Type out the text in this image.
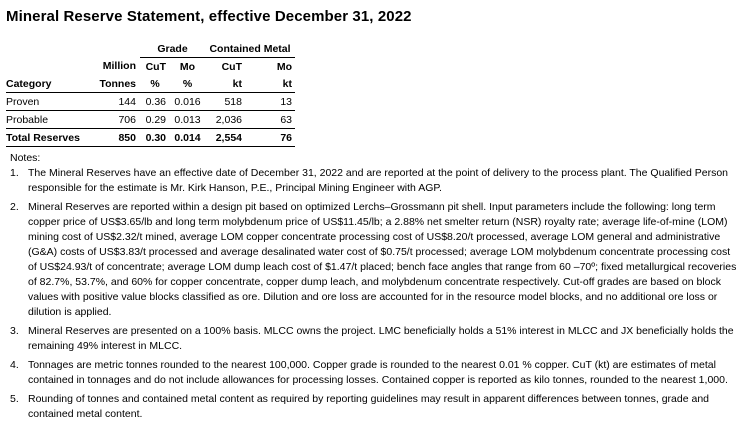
Mineral Reserve Statement, effective December 31, 2022
		Grade		Contained Metal	
	Million	CuT	Mo	CuT	Mo
Category	Tonnes	%	%	kt	kt
Proven	144	0.36	0.016	518	13
Probable	706	0.29	0.013	2,036	63
Total Reserves	850	0.30	0.014	2,554	76
Notes:
1. The Mineral Reserves have an effective date of December 31, 2022 and are reported at the point of delivery to the process plant. The Qualified Person responsible for the estimate is Mr. Kirk Hanson, P.E., Principal Mining Engineer with AGP.
2. Mineral Reserves are reported within a design pit based on optimized Lerchs–Grossmann pit shell. Input parameters include the following: long term copper price of US$3.65/lb and long term molybdenum price of US$11.45/lb; a 2.88% net smelter return (NSR) royalty rate; average life-of-mine (LOM) mining cost of US$2.32/t mined, average LOM copper concentrate processing cost of US$8.20/t processed, average LOM general and administrative (G&A) costs of US$3.83/t processed and average desalinated water cost of $0.75/t processed; average LOM molybdenum concentrate processing cost of US$24.93/t of concentrate; average LOM dump leach cost of $1.47/t placed; bench face angles that range from 60 –70º; fixed metallurgical recoveries of 82.7%, 53.7%, and 60% for copper concentrate, copper dump leach, and molybdenum concentrate respectively. Cut-off grades are based on block values with positive value blocks classified as ore. Dilution and ore loss are accounted for in the resource model blocks, and no additional ore loss or dilution is applied.
3. Mineral Reserves are presented on a 100% basis. MLCC owns the project. LMC beneficially holds a 51% interest in MLCC and JX beneficially holds the remaining 49% interest in MLCC.
4. Tonnages are metric tonnes rounded to the nearest 100,000. Copper grade is rounded to the nearest 0.01 % copper. CuT (kt) are estimates of metal contained in tonnages and do not include allowances for processing losses. Contained copper is reported as kilo tonnes, rounded to the nearest 1,000.
5. Rounding of tonnes and contained metal content as required by reporting guidelines may result in apparent differences between tonnes, grade and contained metal content.
